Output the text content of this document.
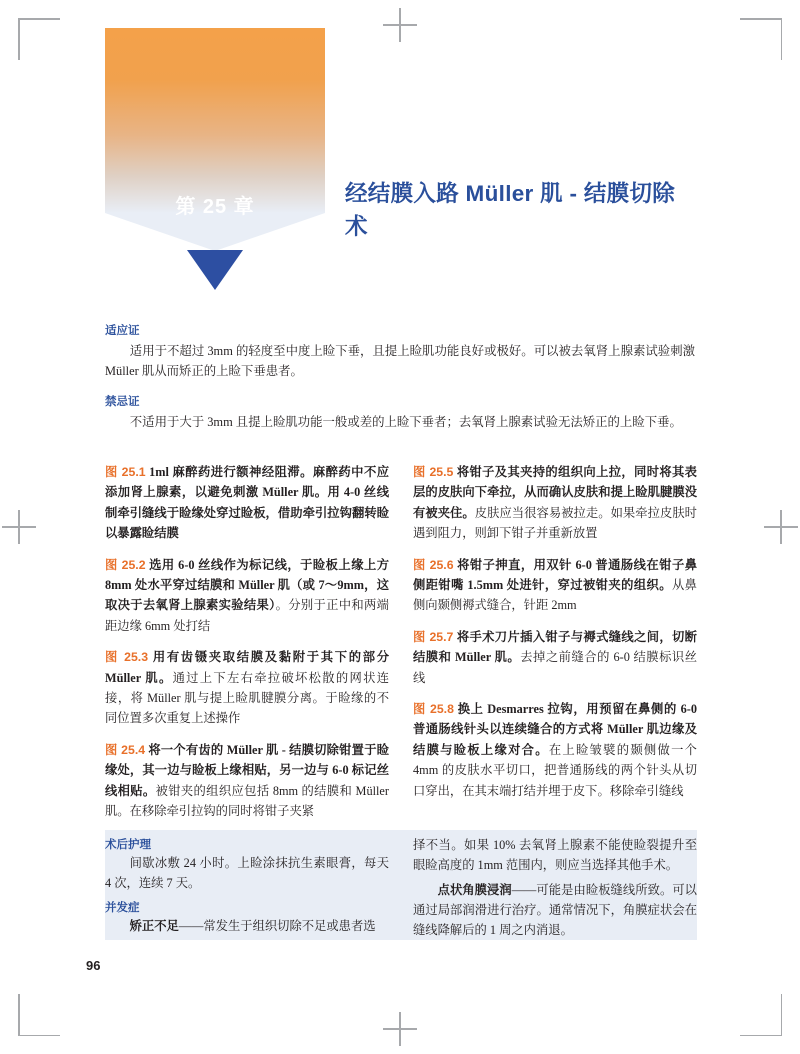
第 25 章
经结膜入路 Müller 肌 - 结膜切除术
适应证

适用于不超过 3mm 的轻度至中度上睑下垂，且提上睑肌功能良好或极好。可以被去氧肾上腺素试验刺激 Müller 肌从而矫正的上睑下垂患者。

禁忌证

不适用于大于 3mm 且提上睑肌功能一般或差的上睑下垂者；去氧肾上腺素试验无法矫正的上睑下垂。

图 25.1 1ml 麻醉药进行额神经阻滞。麻醉药中不应添加肾上腺素，以避免刺激 Müller 肌。用 4-0 丝线制牵引缝线于睑缘处穿过睑板，借助牵引拉钩翻转睑以暴露睑结膜
图 25.2 选用 6-0 丝线作为标记线，于睑板上缘上方 8mm 处水平穿过结膜和 Müller 肌（或 7～9mm，这取决于去氧肾上腺素实验结果）。分别于正中和两端距边缘 6mm 处打结
图 25.3 用有齿镊夹取结膜及黏附于其下的部分 Müller 肌。通过上下左右牵拉破坏松散的网状连接，将 Müller 肌与提上睑肌腱膜分离。于睑缘的不同位置多次重复上述操作
图 25.4 将一个有齿的 Müller 肌 - 结膜切除钳置于睑缘处，其一边与睑板上缘相贴，另一边与 6-0 标记丝线相贴。被钳夹的组织应包括 8mm 的结膜和 Müller 肌。在移除牵引拉钩的同时将钳子夹紧
图 25.5 将钳子及其夹持的组织向上拉，同时将其表层的皮肤向下牵拉，从而确认皮肤和提上睑肌腱膜没有被夹住。皮肤应当很容易被拉走。如果牵拉皮肤时遇到阻力，则卸下钳子并重新放置
图 25.6 将钳子抻直，用双针 6-0 普通肠线在钳子鼻侧距钳嘴 1.5mm 处进针，穿过被钳夹的组织。从鼻侧向颞侧褥式缝合，针距 2mm
图 25.7 将手术刀片插入钳子与褥式缝线之间，切断结膜和 Müller 肌。去掉之前缝合的 6-0 结膜标识丝线
图 25.8 换上 Desmarres 拉钩，用预留在鼻侧的 6-0 普通肠线针头以连续缝合的方式将 Müller 肌边缘及结膜与睑板上缘对合。在上睑皱襞的颞侧做一个 4mm 的皮肤水平切口，把普通肠线的两个针头从切口穿出，在其末端打结并埋于皮下。移除牵引缝线
术后护理

间歇冰敷 24 小时。上睑涂抹抗生素眼膏，每天 4 次，连续 7 天。

并发症

矫正不足——常发生于组织切除不足或患者选

择不当。如果 10% 去氧肾上腺素不能使睑裂提升至眼睑高度的 1mm 范围内，则应当选择其他手术。

点状角膜浸润——可能是由睑板缝线所致。可以通过局部润滑进行治疗。通常情况下，角膜症状会在缝线降解后的 1 周之内消退。

96
